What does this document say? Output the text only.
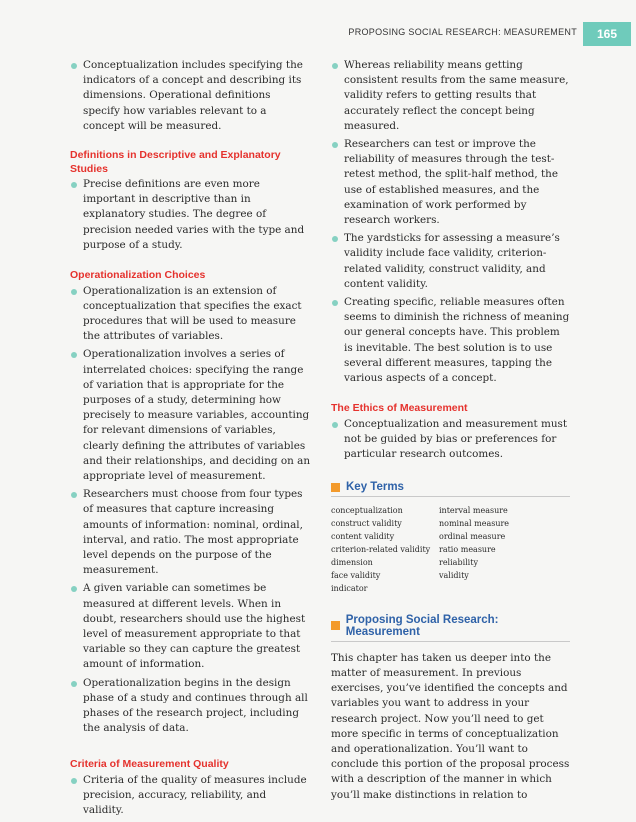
PROPOSING SOCIAL RESEARCH: MEASUREMENT	165
Conceptualization includes specifying the indicators of a concept and describing its dimensions. Operational definitions specify how variables relevant to a concept will be measured.
Definitions in Descriptive and Explanatory Studies
Precise definitions are even more important in descriptive than in explanatory studies. The degree of precision needed varies with the type and purpose of a study.
Operationalization Choices
Operationalization is an extension of conceptualization that specifies the exact procedures that will be used to measure the attributes of variables.
Operationalization involves a series of interrelated choices: specifying the range of variation that is appropriate for the purposes of a study, determining how precisely to measure variables, accounting for relevant dimensions of variables, clearly defining the attributes of variables and their relationships, and deciding on an appropriate level of measurement.
Researchers must choose from four types of measures that capture increasing amounts of information: nominal, ordinal, interval, and ratio. The most appropriate level depends on the purpose of the measurement.
A given variable can sometimes be measured at different levels. When in doubt, researchers should use the highest level of measurement appropriate to that variable so they can capture the greatest amount of information.
Operationalization begins in the design phase of a study and continues through all phases of the research project, including the analysis of data.
Criteria of Measurement Quality
Criteria of the quality of measures include precision, accuracy, reliability, and validity.
Whereas reliability means getting consistent results from the same measure, validity refers to getting results that accurately reflect the concept being measured.
Researchers can test or improve the reliability of measures through the test-retest method, the split-half method, the use of established measures, and the examination of work performed by research workers.
The yardsticks for assessing a measure’s validity include face validity, criterion-related validity, construct validity, and content validity.
Creating specific, reliable measures often seems to diminish the richness of meaning our general concepts have. This problem is inevitable. The best solution is to use several different measures, tapping the various aspects of a concept.
The Ethics of Measurement
Conceptualization and measurement must not be guided by bias or preferences for particular research outcomes.
Key Terms
conceptualization
construct validity
content validity
criterion-related validity
dimension
face validity
indicator
interval measure
nominal measure
ordinal measure
ratio measure
reliability
validity
Proposing Social Research: Measurement
This chapter has taken us deeper into the matter of measurement. In previous exercises, you’ve identified the concepts and variables you want to address in your research project. Now you’ll need to get more specific in terms of conceptualization and operationalization. You’ll want to conclude this portion of the proposal process with a description of the manner in which you’ll make distinctions in relation to
